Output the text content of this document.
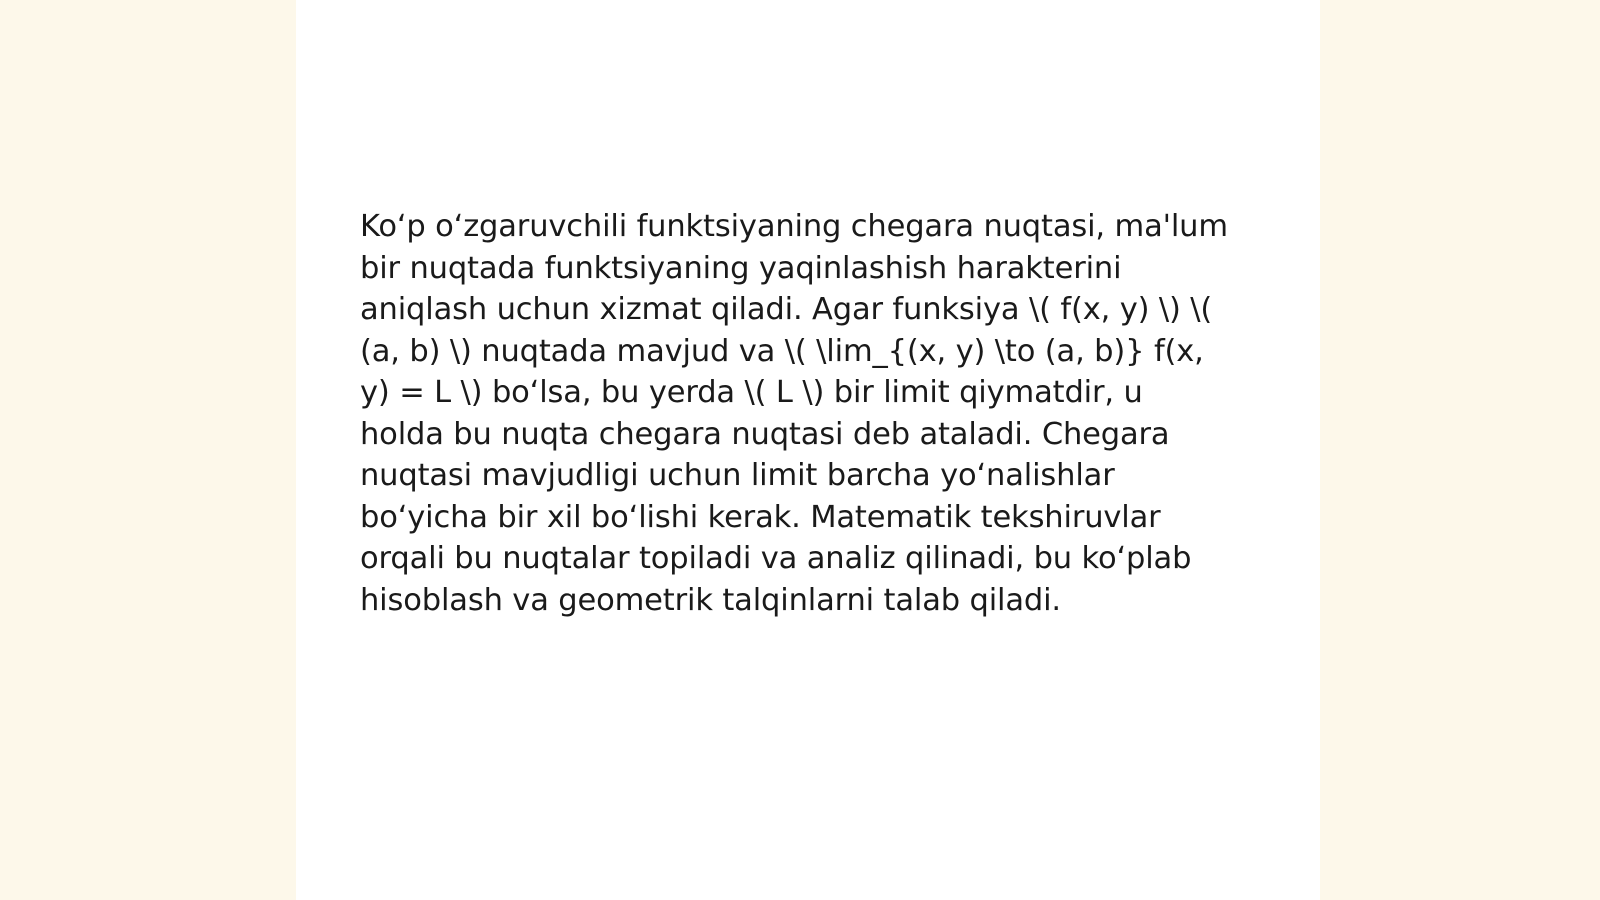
Koʻp oʻzgaruvchili funktsiyaning chegara nuqtasi, ma'lum bir nuqtada funktsiyaning yaqinlashish harakterini aniqlash uchun xizmat qiladi. Agar funksiya \( f(x, y) \) \( (a, b) \) nuqtada mavjud va \( \lim_{(x, y) \to (a, b)} f(x, y) = L \) boʻlsa, bu yerda \( L \) bir limit qiymatdir, u holda bu nuqta chegara nuqtasi deb ataladi. Chegara nuqtasi mavjudligi uchun limit barcha yoʻnalishlar boʻyicha bir xil boʻlishi kerak. Matematik tekshiruvlar orqali bu nuqtalar topiladi va analiz qilinadi, bu koʻplab hisoblash va geometrik talqinlarni talab qiladi.
